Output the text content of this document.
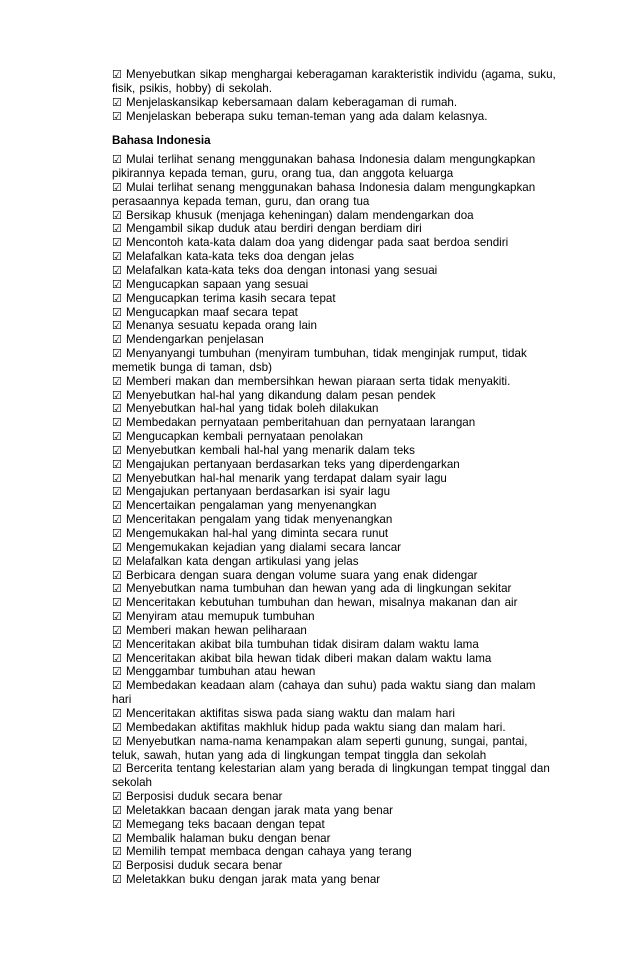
☑ Menyebutkan sikap menghargai keberagaman karakteristik individu (agama, suku, fisik, psikis, hobby) di sekolah.
☑ Menjelaskansikap kebersamaan dalam keberagaman di rumah.
☑ Menjelaskan beberapa suku teman-teman yang ada dalam kelasnya.
Bahasa Indonesia
☑ Mulai terlihat senang menggunakan bahasa Indonesia dalam mengungkapkan pikirannya kepada teman, guru, orang tua, dan anggota keluarga
☑ Mulai terlihat senang menggunakan bahasa Indonesia dalam mengungkapkan perasaannya kepada teman, guru, dan orang tua
☑ Bersikap khusuk (menjaga keheningan) dalam mendengarkan doa
☑ Mengambil sikap duduk atau berdiri dengan berdiam diri
☑ Mencontoh kata-kata dalam doa yang didengar pada saat berdoa sendiri
☑ Melafalkan kata-kata teks doa dengan jelas
☑ Melafalkan kata-kata teks doa dengan intonasi yang sesuai
☑ Mengucapkan sapaan yang sesuai
☑ Mengucapkan terima kasih secara tepat
☑ Mengucapkan maaf secara tepat
☑ Menanya sesuatu kepada orang lain
☑ Mendengarkan penjelasan
☑ Menyanyangi tumbuhan (menyiram tumbuhan, tidak menginjak rumput, tidak memetik bunga di taman, dsb)
☑ Memberi makan dan membersihkan hewan piaraan serta tidak menyakiti.
☑ Menyebutkan hal-hal yang dikandung dalam pesan pendek
☑ Menyebutkan hal-hal yang tidak boleh dilakukan
☑ Membedakan pernyataan pemberitahuan dan pernyataan larangan
☑ Mengucapkan kembali pernyataan penolakan
☑ Menyebutkan kembali hal-hal yang menarik dalam teks
☑ Mengajukan pertanyaan berdasarkan teks yang diperdengarkan
☑ Menyebutkan hal-hal menarik yang terdapat dalam syair lagu
☑ Mengajukan pertanyaan berdasarkan isi syair lagu
☑ Mencertaikan pengalaman yang menyenangkan
☑ Menceritakan pengalam yang tidak menyenangkan
☑ Mengemukakan hal-hal yang diminta secara runut
☑ Mengemukakan kejadian yang dialami secara lancar
☑ Melafalkan kata dengan artikulasi yang jelas
☑ Berbicara dengan suara dengan volume suara yang enak didengar
☑ Menyebutkan nama tumbuhan dan hewan yang ada di lingkungan sekitar
☑ Menceritakan kebutuhan tumbuhan dan hewan, misalnya makanan dan air
☑ Menyiram atau memupuk tumbuhan
☑ Memberi makan hewan peliharaan
☑ Menceritakan akibat bila tumbuhan tidak disiram dalam waktu lama
☑ Menceritakan akibat bila hewan tidak diberi makan dalam waktu lama
☑ Menggambar tumbuhan atau hewan
☑ Membedakan keadaan alam (cahaya dan suhu) pada waktu siang dan malam hari
☑ Menceritakan aktifitas siswa pada siang waktu dan malam hari
☑ Membedakan aktifitas makhluk hidup pada waktu siang dan malam hari.
☑ Menyebutkan nama-nama kenampakan alam seperti gunung, sungai, pantai, teluk, sawah, hutan yang ada di lingkungan tempat tinggla dan sekolah
☑ Bercerita tentang kelestarian alam yang berada di lingkungan tempat tinggal dan sekolah
☑ Berposisi duduk secara benar
☑ Meletakkan bacaan dengan jarak mata yang benar
☑ Memegang teks bacaan dengan tepat
☑ Membalik halaman buku dengan benar
☑ Memilih tempat membaca dengan cahaya yang terang
☑ Berposisi duduk secara benar
☑ Meletakkan buku dengan jarak mata yang benar
